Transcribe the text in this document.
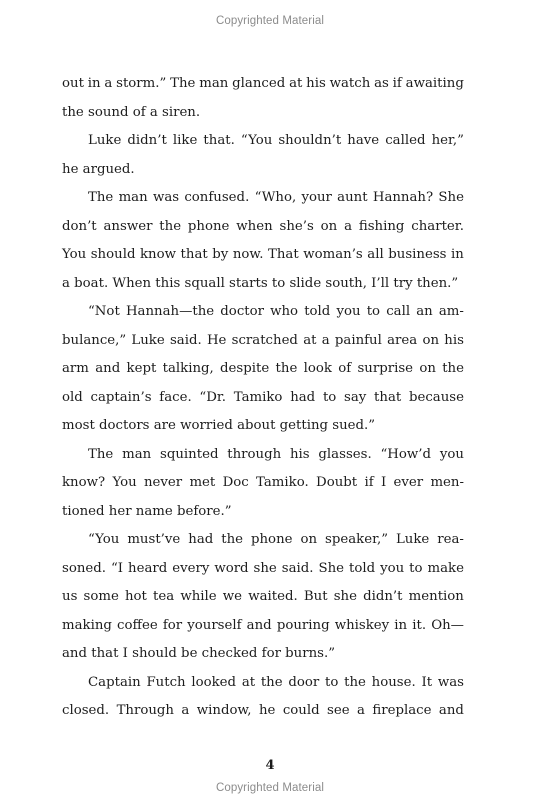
Copyrighted Material
out in a storm.” The man glanced at his watch as if awaiting
the sound of a siren.
Luke didn’t like that. “You shouldn’t have called her,”
he argued.
The man was confused. “Who, your aunt Hannah? She
don’t answer the phone when she’s on a fishing charter.
You should know that by now. That woman’s all business in
a boat. When this squall starts to slide south, I’ll try then.”
“Not Hannah—the doctor who told you to call an am-
bulance,” Luke said. He scratched at a painful area on his
arm and kept talking, despite the look of surprise on the
old captain’s face. “Dr. Tamiko had to say that because
most doctors are worried about getting sued.”
The man squinted through his glasses. “How’d you
know? You never met Doc Tamiko. Doubt if I ever men-
tioned her name before.”
“You must’ve had the phone on speaker,” Luke rea-
soned. “I heard every word she said. She told you to make
us some hot tea while we waited. But she didn’t mention
making coffee for yourself and pouring whiskey in it. Oh—
and that I should be checked for burns.”
Captain Futch looked at the door to the house. It was
closed. Through a window, he could see a fireplace and
4
Copyrighted Material
